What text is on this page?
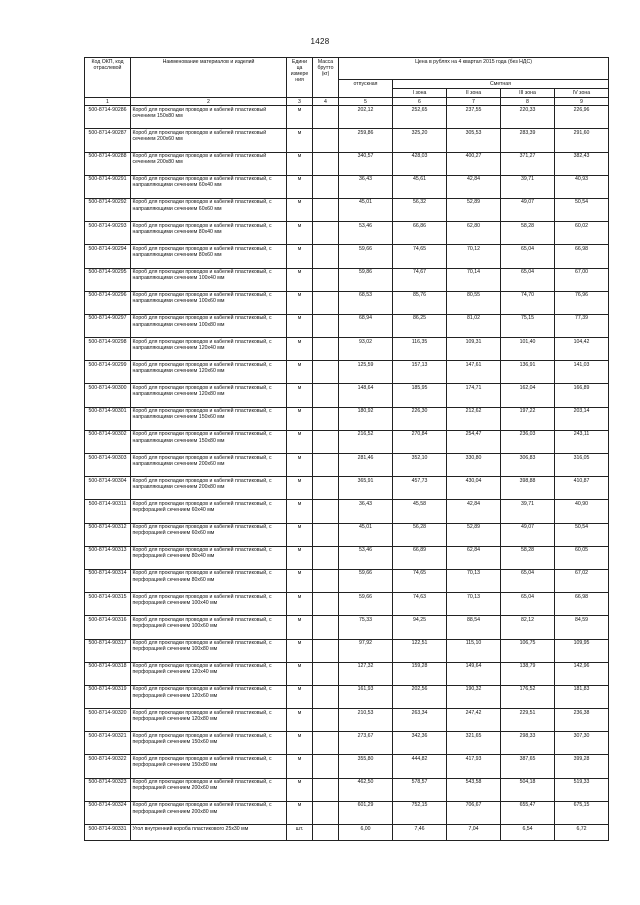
1428
Код ОКП, код отраслевой	Наименование материалов и изделий	Едини ца измере ния	Масса брутто (кг)	Цена в рублях на 4 квартал 2015 года (без НДС)				
				отпускная	Сметная			
					I зона	II зона	III зона	IV зона
1	2	3	4	5	6	7	8	9
500-8714-90286	Короб для прокладки проводов и кабелей пластиковый сечением 150х80 мм	м		202,12	252,65	237,55	220,33	226,96
500-8714-90287	Короб для прокладки проводов и кабелей пластиковый сечением 200х60 мм	м		259,86	325,20	305,53	283,39	291,60
500-8714-90288	Короб для прокладки проводов и кабелей пластиковый сечением 200х80 мм	м		340,57	428,03	400,27	371,27	382,43
500-8714-90291	Короб для прокладки проводов и кабелей пластиковый, с направляющими сечением 60х40 мм	м		36,43	45,61	42,84	39,71	40,93
500-8714-90292	Короб для прокладки проводов и кабелей пластиковый, с направляющими сечением 60х60 мм	м		45,01	56,32	52,89	49,07	50,54
500-8714-90293	Короб для прокладки проводов и кабелей пластиковый, с направляющими сечением 80х40 мм	м		53,46	66,86	62,80	58,28	60,02
500-8714-90294	Короб для прокладки проводов и кабелей пластиковый, с направляющими сечением 80х60 мм	м		59,66	74,65	70,12	65,04	66,98
500-8714-90295	Короб для прокладки проводов и кабелей пластиковый, с направляющими сечением 100х40 мм	м		59,86	74,67	70,14	65,04	67,00
500-8714-90296	Короб для прокладки проводов и кабелей пластиковый, с направляющими сечением 100х60 мм	м		68,53	85,76	80,55	74,70	76,96
500-8714-90297	Короб для прокладки проводов и кабелей пластиковый, с направляющими сечением 100х80 мм	м		68,94	86,25	81,02	75,15	77,39
500-8714-90298	Короб для прокладки проводов и кабелей пластиковый, с направляющими сечением 120х40 мм	м		93,02	116,35	109,31	101,40	104,42
500-8714-90299	Короб для прокладки проводов и кабелей пластиковый, с направляющими сечением 120х60 мм	м		125,59	157,13	147,61	136,91	141,03
500-8714-90300	Короб для прокладки проводов и кабелей пластиковый, с направляющими сечением 120х80 мм	м		148,64	185,95	174,71	162,04	166,89
500-8714-90301	Короб для прокладки проводов и кабелей пластиковый, с направляющими сечением 150х60 мм	м		180,92	226,30	212,62	197,22	203,14
500-8714-90302	Короб для прокладки проводов и кабелей пластиковый, с направляющими сечением 150х80 мм	м		216,52	270,84	254,47	236,03	243,11
500-8714-90303	Короб для прокладки проводов и кабелей пластиковый, с направляющими сечением 200х60 мм	м		281,46	352,10	330,80	306,83	316,05
500-8714-90304	Короб для прокладки проводов и кабелей пластиковый, с направляющими сечением 200х80 мм	м		365,91	457,73	430,04	398,88	410,87
500-8714-90311	Короб для прокладки проводов и кабелей пластиковый, с перфорацией сечением 60х40 мм	м		36,43	45,58	42,84	39,71	40,90
500-8714-90312	Короб для прокладки проводов и кабелей пластиковый, с перфорацией сечением 60х60 мм	м		45,01	56,28	52,89	49,07	50,54
500-8714-90313	Короб для прокладки проводов и кабелей пластиковый, с перфорацией сечением 80х40 мм	м		53,46	66,89	62,84	58,28	60,05
500-8714-90314	Короб для прокладки проводов и кабелей пластиковый, с перфорацией сечением 80х60 мм	м		59,66	74,65	70,13	65,04	67,02
500-8714-90315	Короб для прокладки проводов и кабелей пластиковый, с перфорацией сечением 100х40 мм	м		59,66	74,63	70,13	65,04	66,98
500-8714-90316	Короб для прокладки проводов и кабелей пластиковый, с перфорацией сечением 100х60 мм	м		75,33	94,25	88,54	82,12	84,59
500-8714-90317	Короб для прокладки проводов и кабелей пластиковый, с перфорацией сечением 100х80 мм	м		97,92	122,51	115,10	106,75	109,95
500-8714-90318	Короб для прокладки проводов и кабелей пластиковый, с перфорацией сечением 120х40 мм	м		127,32	159,28	149,64	138,79	142,96
500-8714-90319	Короб для прокладки проводов и кабелей пластиковый, с перфорацией сечением 120х60 мм	м		161,93	202,56	190,32	176,52	181,83
500-8714-90320	Короб для прокладки проводов и кабелей пластиковый, с перфорацией сечением 120х80 мм	м		210,53	263,34	247,42	229,51	236,38
500-8714-90321	Короб для прокладки проводов и кабелей пластиковый, с перфорацией сечением 150х60 мм	м		273,67	342,36	321,65	298,33	307,30
500-8714-90322	Короб для прокладки проводов и кабелей пластиковый, с перфорацией сечением 150х80 мм	м		355,80	444,82	417,93	387,65	399,28
500-8714-90323	Короб для прокладки проводов и кабелей пластиковый, с перфорацией сечением 200х60 мм	м		462,50	578,57	543,58	504,18	519,33
500-8714-90324	Короб для прокладки проводов и кабелей пластиковый, с перфорацией сечением 200х80 мм	м		601,29	752,15	706,67	655,47	675,15
500-8714-90331	Угол внутренний короба пластикового 25х30 мм	шт.		6,00	7,46	7,04	6,54	6,72
